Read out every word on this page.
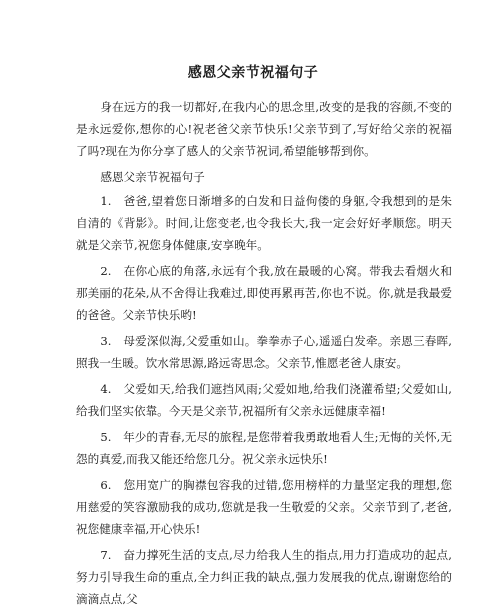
感恩父亲节祝福句子

身在远方的我一切都好,在我内心的思念里,改变的是我的容颜,不变的是永远爱你,想你的心!祝老爸父亲节快乐!父亲节到了,写好给父亲的祝福了吗?现在为你分享了感人的父亲节祝词,希望能够帮到你。

感恩父亲节祝福句子

1.　爸爸,望着您日渐增多的白发和日益佝偻的身躯,令我想到的是朱自清的《背影》。时间,让您变老,也令我长大,我一定会好好孝顺您。明天就是父亲节,祝您身体健康,安享晚年。

2.　在你心底的角落,永远有个我,放在最暖的心窝。带我去看烟火和那美丽的花朵,从不舍得让我难过,即使再累再苦,你也不说。你,就是我最爱的爸爸。父亲节快乐哟!

3.　母爱深似海,父爱重如山。拳拳赤子心,遥遥白发牵。亲恩三春晖,照我一生暖。饮水常思源,路远寄思念。父亲节,惟愿老爸人康安。

4.　父爱如天,给我们遮挡风雨;父爱如地,给我们浇灌希望;父爱如山,给我们坚实依靠。今天是父亲节,祝福所有父亲永远健康幸福!

5.　年少的青春,无尽的旅程,是您带着我勇敢地看人生;无悔的关怀,无怨的真爱,而我又能还给您几分。祝父亲永远快乐!

6.　您用宽广的胸襟包容我的过错,您用榜样的力量坚定我的理想,您用慈爱的笑容激励我的成功,您就是我一生敬爱的父亲。父亲节到了,老爸,祝您健康幸福,开心快乐!

7.　奋力撑死生活的支点,尽力给我人生的指点,用力打造成功的起点,努力引导我生命的重点,全力纠正我的缺点,强力发展我的优点,谢谢您给的滴滴点点,父
